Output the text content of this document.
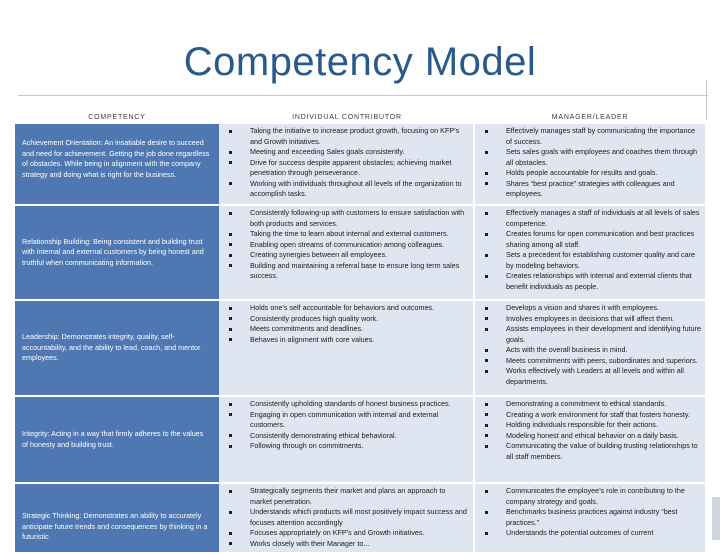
Competency Model
COMPETENCY	INDIVIDUAL CONTRIBUTOR	MANAGER/LEADER
Achievement Orientation: An insatiable desire to succeed and need for achievement. Getting the job done regardless of obstacles. While being in alignment with the company strategy and doing what is right for the business.
Taking the initiative to increase product growth, focusing on KFP’s and Growth initiatives.
Meeting and exceeding Sales goals consistently.
Drive for success despite apparent obstacles; achieving market penetration through perseverance.
Working with individuals throughout all levels of the organization to accomplish tasks.
Effectively manages staff by communicating the importance of success.
Sets sales goals with employees and coaches them through all obstacles.
Holds people accountable for results and goals.
Shares “best practice” strategies with colleagues and employees.
Relationship Building: Being consistent and building trust with internal and external customers by being honest and truthful when communicating information.
Consistently following-up with customers to ensure satisfaction with both products and services.
Taking the time to learn about internal and external customers.
Enabling open streams of communication among colleagues.
Creating synergies between all employees.
Building and maintaining a referral base to ensure long term sales success.
Effectively manages a staff of individuals at all levels of sales competence.
Creates forums for open communication and best practices sharing among all staff.
Sets a precedent for establishing customer quality and care by modeling behaviors.
Creates relationships with internal and external clients that benefit individuals as people.
Leadership: Demonstrates integrity, quality, self-accountability, and the ability to lead, coach, and mentor employees.
Holds one’s self accountable for behaviors and outcomes.
Consistently produces high quality work.
Meets commitments and deadlines.
Behaves in alignment with core values.
Develops a vision and shares it with employees.
Involves employees in decisions that will affect them.
Assists employees in their development and identifying future goals.
Acts with the overall business in mind.
Meets commitments with peers, subordinates and superiors.
Works effectively with Leaders at all levels and within all departments.
Integrity: Acting in a way that firmly adheres to the values of honesty and building trust.
Consistently upholding standards of honest business practices.
Engaging in open communication with internal and external customers.
Consistently demonstrating ethical behavioral.
Following through on commitments.
Demonstrating a commitment to ethical standards.
Creating a work environment for staff that fosters honesty.
Holding individuals responsible for their actions.
Modeling honest and ethical behavior on a daily basis.
Communicating the value of building trusting relationships to all staff members.
Strategic Thinking: Demonstrates an ability to accurately anticipate future trends and consequences by thinking in a futuristic
Strategically segments their market and plans an approach to market penetration.
Understands which products will most positively impact success and focuses attention accordingly
Focuses appropriately on KFP’s and Growth initiatives.
Works closely with their Manager to...
Communicates the employee’s role in contributing to the company strategy and goals.
Benchmarks business practices against industry “best practices.”
Understands the potential outcomes of current
